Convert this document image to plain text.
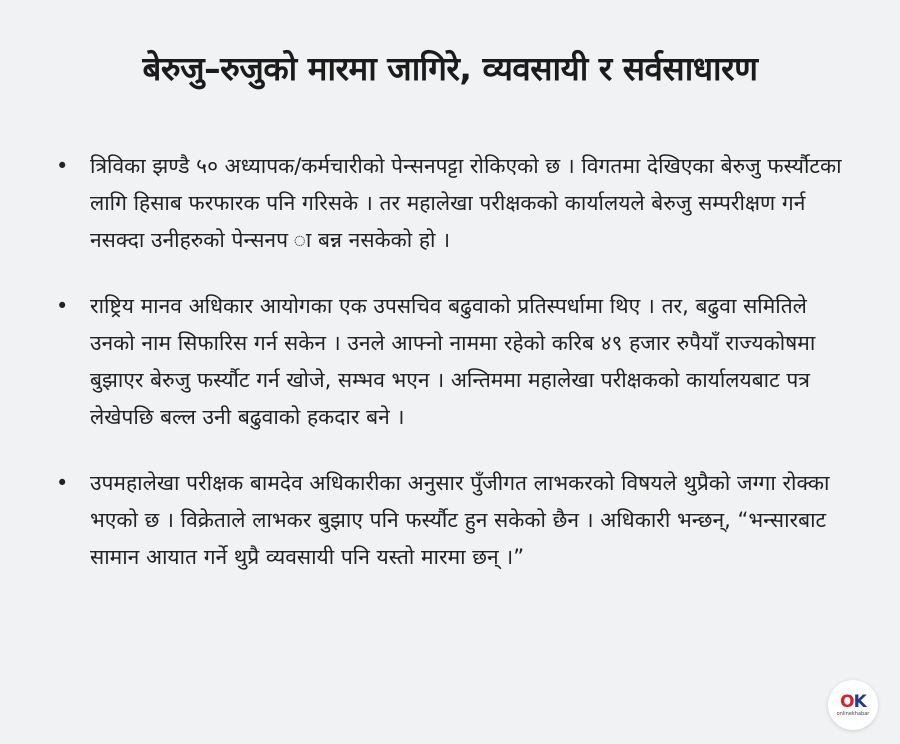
बेरुजु–रुजुको मारमा जागिरे, व्यवसायी र सर्वसाधारण
• त्रिविका झण्डै ५० अध्यापक/कर्मचारीको पेन्सनपट्टा रोकिएको छ । विगतमा देखिएका बेरुजु फर्स्यौटका लागि हिसाब फरफारक पनि गरिसके । तर महालेखा परीक्षकको कार्यालयले बेरुजु सम्परीक्षण गर्न नसक्दा उनीहरुको पेन्सनप ा बन्न नसकेको हो ।
• राष्ट्रिय मानव अधिकार आयोगका एक उपसचिव बढुवाको प्रतिस्पर्धामा थिए । तर, बढुवा समितिले उनको नाम सिफारिस गर्न सकेन । उनले आफ्नो नाममा रहेको करिब ४९ हजार रुपैयाँ राज्यकोषमा बुझाएर बेरुजु फर्स्यौट गर्न खोजे, सम्भव भएन । अन्तिममा महालेखा परीक्षकको कार्यालयबाट पत्र लेखेपछि बल्ल उनी बढुवाको हकदार बने ।
• उपमहालेखा परीक्षक बामदेव अधिकारीका अनुसार पुँजीगत लाभकरको विषयले थुप्रैको जग्गा रोक्का भएको छ । विक्रेताले लाभकर बुझाए पनि फर्स्यौट हुन सकेको छैन । अधिकारी भन्छन्, “भन्सारबाट सामान आयात गर्ने थुप्रै व्यवसायी पनि यस्तो मारमा छन् ।”
OK
onlinekhabar
